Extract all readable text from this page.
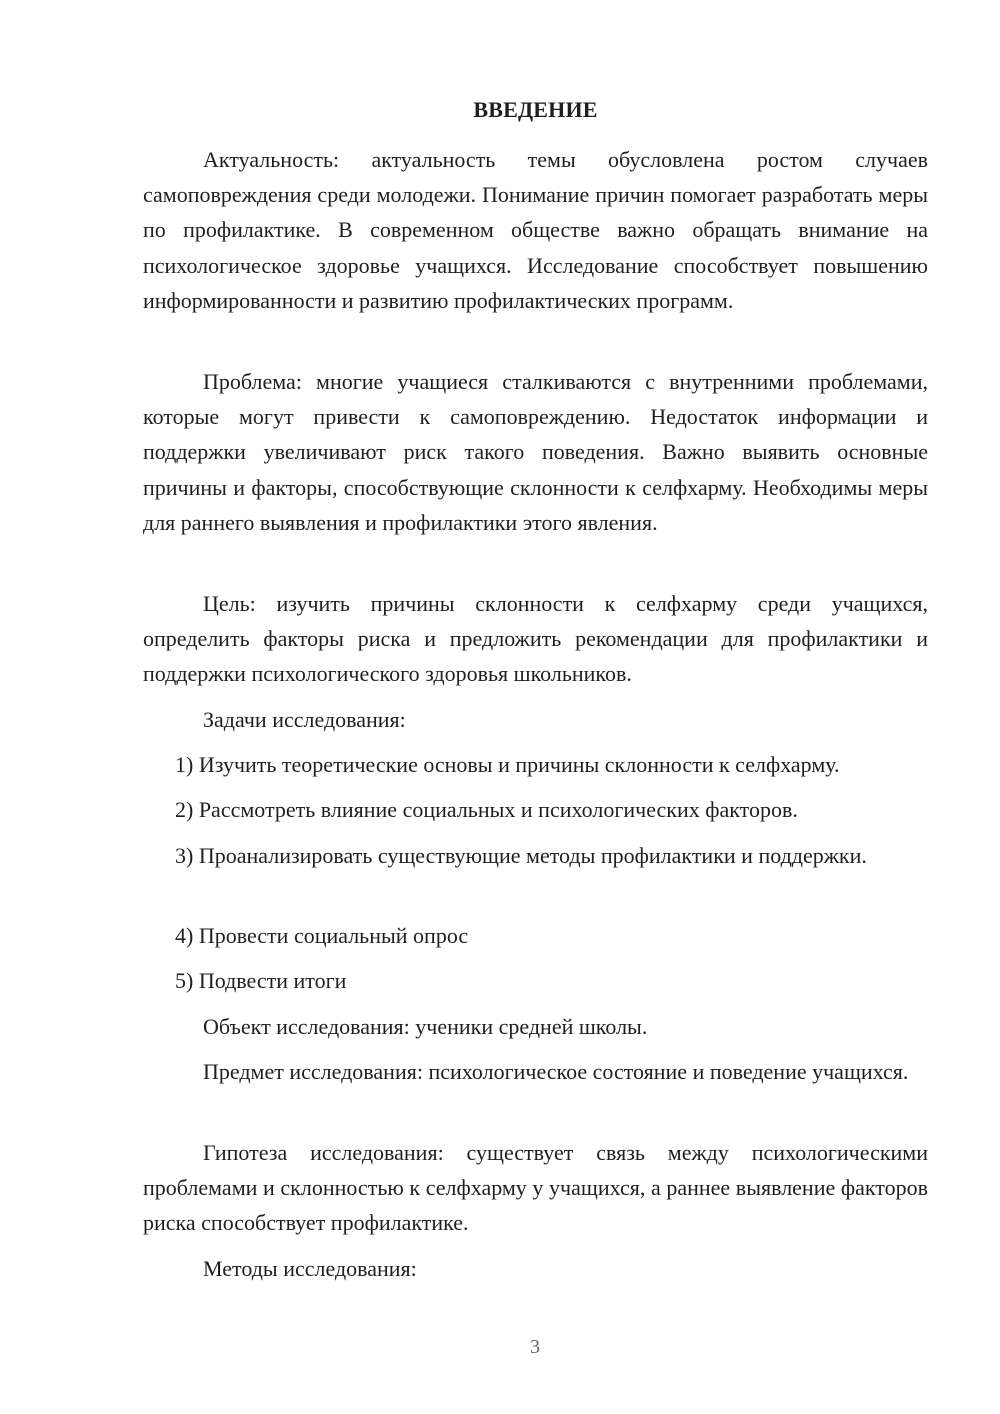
ВВЕДЕНИЕ

Актуальность: актуальность темы обусловлена ростом случаев самоповреждения среди молодежи. Понимание причин помогает разработать меры по профилактике. В современном обществе важно обращать внимание на психологическое здоровье учащихся. Исследование способствует повышению информированности и развитию профилактических программ.

Проблема: многие учащиеся сталкиваются с внутренними проблемами, которые могут привести к самоповреждению. Недостаток информации и поддержки увеличивают риск такого поведения. Важно выявить основные причины и факторы, способствующие склонности к селфхарму. Необходимы меры для раннего выявления и профилактики этого явления.

Цель: изучить причины склонности к селфхарму среди учащихся, определить факторы риска и предложить рекомендации для профилактики и поддержки психологического здоровья школьников.

Задачи исследования:

1) Изучить теоретические основы и причины склонности к селфхарму.

2) Рассмотреть влияние социальных и психологических факторов.

3) Проанализировать существующие методы профилактики и поддержки.

4) Провести социальный опрос

5) Подвести итоги

Объект исследования: ученики средней школы.

Предмет исследования: психологическое состояние и поведение учащихся.

Гипотеза исследования: существует связь между психологическими проблемами и склонностью к селфхарму у учащихся, а раннее выявление факторов риска способствует профилактике.

Методы исследования:

3
